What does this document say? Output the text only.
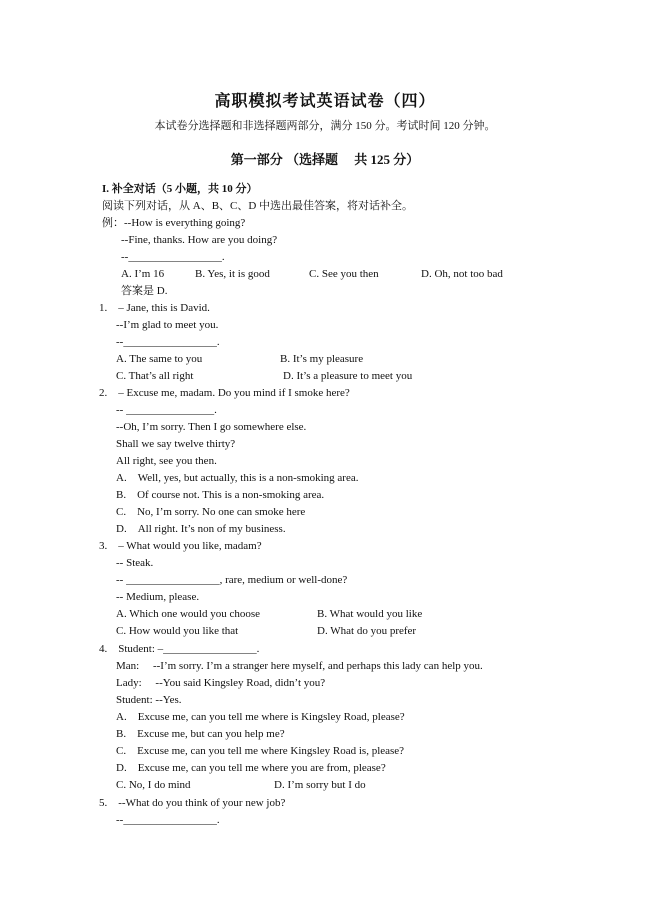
高职模拟考试英语试卷（四）
本试卷分选择题和非选择题两部分，满分 150 分。考试时间 120 分钟。
第一部分 （选择题　 共 125 分）
I. 补全对话（5 小题，共 10 分）
阅读下列对话，从 A、B、C、D 中选出最佳答案，将对话补全。
例：--How is everything going?
--Fine, thanks. How are you doing?
--_________________.
A. I’m 16	B. Yes, it is good	C. See you then	D. Oh, not too bad
答案是 D.
1.　– Jane, this is David.
--I’m glad to meet you.
--_________________.
A. The same to you	B. It’s my pleasure
C. That’s all right	D. It’s a pleasure to meet you
2.　– Excuse me, madam. Do you mind if I smoke here?
-- ________________.
--Oh, I’m sorry. Then I go somewhere else.
Shall we say twelve thirty?
All right, see you then.
A.　Well, yes, but actually, this is a non-smoking area.
B.　Of course not. This is a non-smoking area.
C.　No, I’m sorry. No one can smoke here
D.　All right. It’s non of my business.
3.　– What would you like, madam?
-- Steak.
-- _________________, rare, medium or well-done?
-- Medium, please.
A. Which one would you choose	B. What would you like
C. How would you like that	D. What do you prefer
4.　Student: –_________________.
Man:　 --I’m sorry. I’m a stranger here myself, and perhaps this lady can help you.
Lady:　 --You said Kingsley Road, didn’t you?
Student: --Yes.
A.　Excuse me, can you tell me where is Kingsley Road, please?
B.　Excuse me, but can you help me?
C.　Excuse me, can you tell me where Kingsley Road is, please?
D.　Excuse me, can you tell me where you are from, please?
C. No, I do mind	D. I’m sorry but I do
5.　--What do you think of your new job?
--_________________.
